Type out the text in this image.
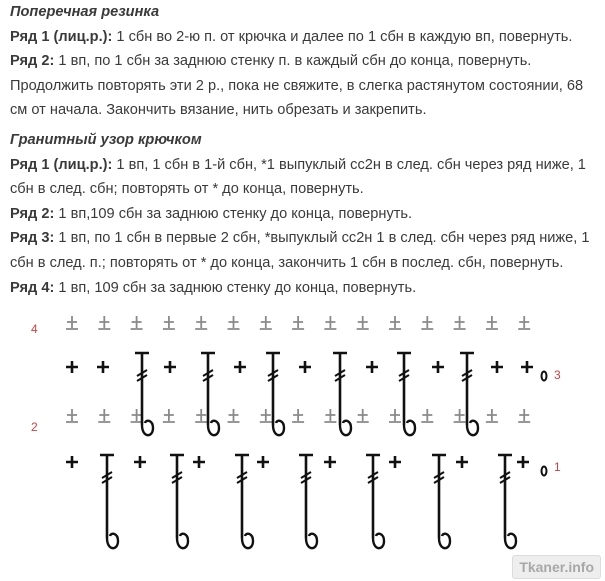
Поперечная резинка

Ряд 1 (лиц.р.): 1 сбн во 2-ю п. от крючка и далее по 1 сбн в каждую вп, повернуть.

Ряд 2: 1 вп, по 1 сбн за заднюю стенку п. в каждый сбн до конца, повернуть.

Продолжить повторять эти 2 р., пока не свяжите, в слегка растянутом состоянии, 68 см от начала. Закончить вязание, нить обрезать и закрепить.

Гранитный узор крючком

Ряд 1 (лиц.р.): 1 вп, 1 сбн в 1-й сбн, *1 выпуклый сс2н в след. сбн через ряд ниже, 1 сбн в след. сбн; повторять от * до конца, повернуть.

Ряд 2: 1 вп,109 сбн за заднюю стенку до конца, повернуть.

Ряд 3: 1 вп, по 1 сбн в первые 2 сбн, *выпуклый сс2н 1 в след. сбн через ряд ниже, 1 сбн в след. п.; повторять от * до конца, закончить 1 сбн в послед. сбн, повернуть.

Ряд 4: 1 вп, 109 сбн за заднюю стенку до конца, повернуть.

4
3
2
1
Tkaner.info
